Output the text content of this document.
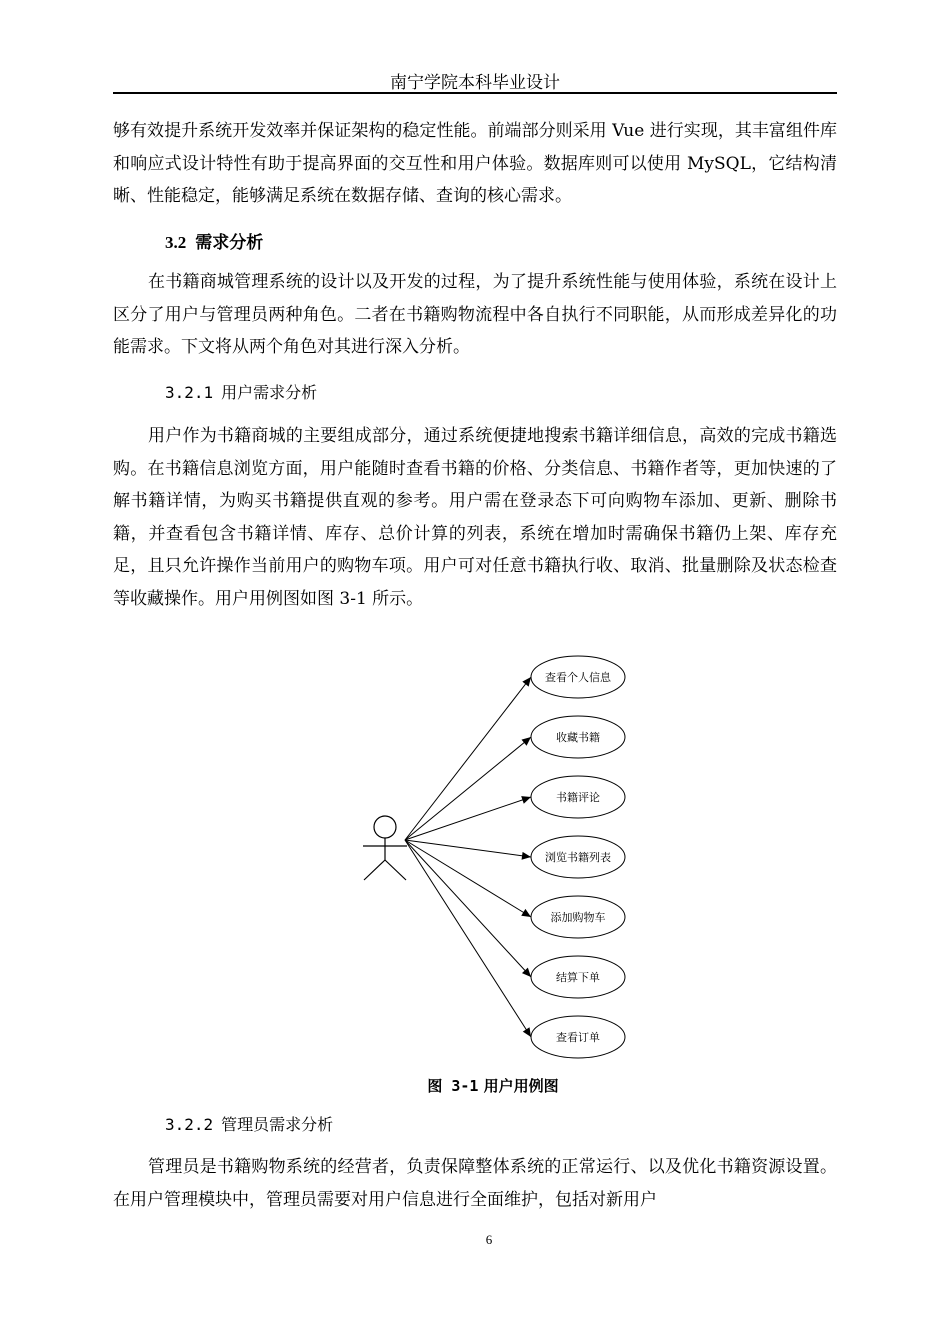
南宁学院本科毕业设计

够有效提升系统开发效率并保证架构的稳定性能。前端部分则采用 Vue 进行实现，其丰富组件库和响应式设计特性有助于提高界面的交互性和用户体验。数据库则可以使用 MySQL，它结构清晰、性能稳定，能够满足系统在数据存储、查询的核心需求。

3.2 需求分析

在书籍商城管理系统的设计以及开发的过程，为了提升系统性能与使用体验，系统在设计上区分了用户与管理员两种角色。二者在书籍购物流程中各自执行不同职能，从而形成差异化的功能需求。下文将从两个角色对其进行深入分析。

3.2.1 用户需求分析

用户作为书籍商城的主要组成部分，通过系统便捷地搜索书籍详细信息，高效的完成书籍选购。在书籍信息浏览方面，用户能随时查看书籍的价格、分类信息、书籍作者等，更加快速的了解书籍详情，为购买书籍提供直观的参考。用户需在登录态下可向购物车添加、更新、删除书籍，并查看包含书籍详情、库存、总价计算的列表，系统在增加时需确保书籍仍上架、库存充足，且只允许操作当前用户的购物车项。用户可对任意书籍执行收、取消、批量删除及状态检查等收藏操作。用户用例图如图 3-1 所示。

查看个人信息
收藏书籍
书籍评论
浏览书籍列表
添加购物车
结算下单
查看订单
图 3-1 用户用例图
3.2.2 管理员需求分析

管理员是书籍购物系统的经营者，负责保障整体系统的正常运行、以及优化书籍资源设置。在用户管理模块中，管理员需要对用户信息进行全面维护，包括对新用户

6
